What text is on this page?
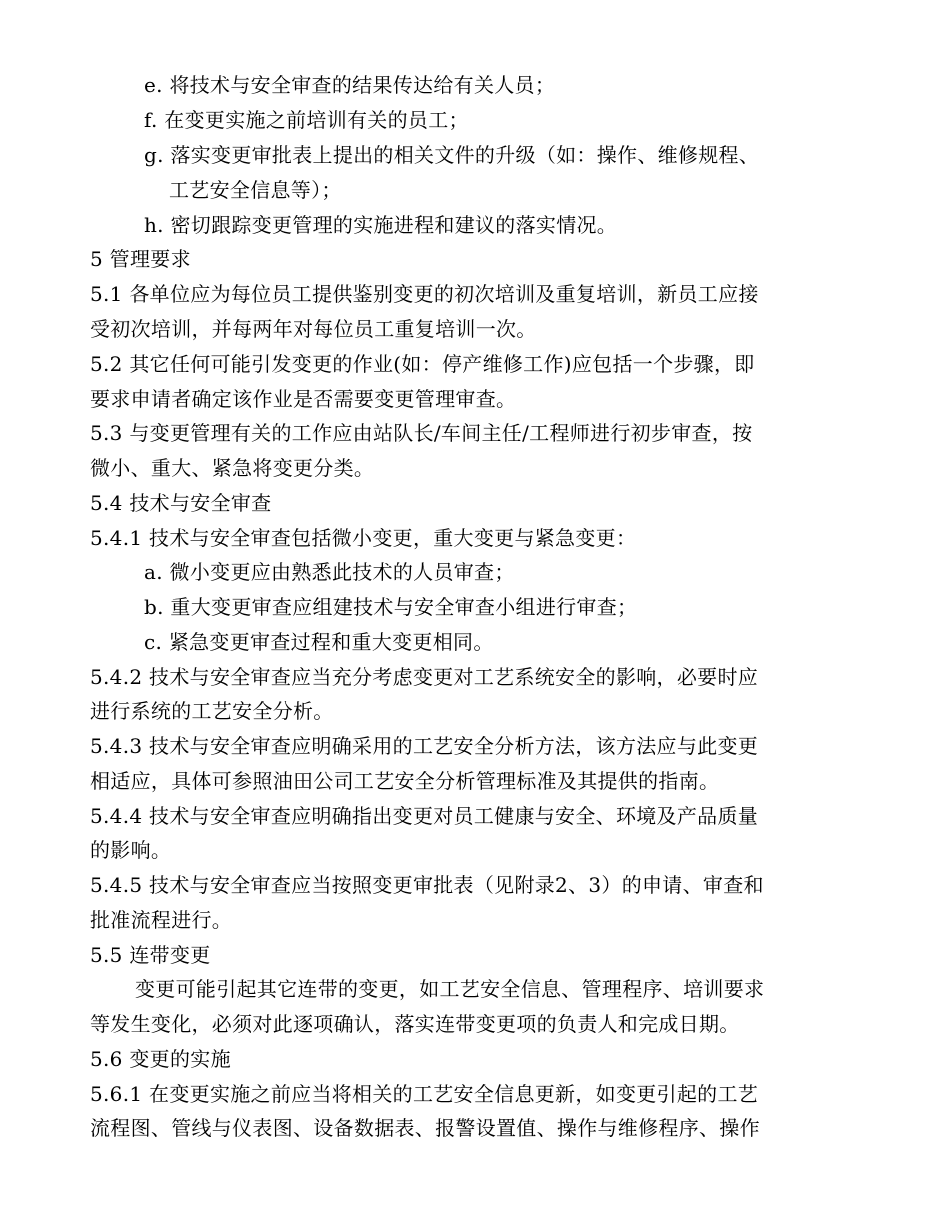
e. 将技术与安全审查的结果传达给有关人员；
f. 在变更实施之前培训有关的员工；
g. 落实变更审批表上提出的相关文件的升级（如：操作、维修规程、
工艺安全信息等）；
h. 密切跟踪变更管理的实施进程和建议的落实情况。
5 管理要求
5.1 各单位应为每位员工提供鉴别变更的初次培训及重复培训，新员工应接
受初次培训，并每两年对每位员工重复培训一次。
5.2 其它任何可能引发变更的作业(如：停产维修工作)应包括一个步骤，即
要求申请者确定该作业是否需要变更管理审查。
5.3 与变更管理有关的工作应由站队长/车间主任/工程师进行初步审查，按
微小、重大、紧急将变更分类。
5.4 技术与安全审查
5.4.1 技术与安全审查包括微小变更，重大变更与紧急变更：
a. 微小变更应由熟悉此技术的人员审查；
b. 重大变更审查应组建技术与安全审查小组进行审查；
c. 紧急变更审查过程和重大变更相同。
5.4.2 技术与安全审查应当充分考虑变更对工艺系统安全的影响，必要时应
进行系统的工艺安全分析。
5.4.3 技术与安全审查应明确采用的工艺安全分析方法，该方法应与此变更
相适应，具体可参照油田公司工艺安全分析管理标准及其提供的指南。
5.4.4 技术与安全审查应明确指出变更对员工健康与安全、环境及产品质量
的影响。
5.4.5 技术与安全审查应当按照变更审批表（见附录2、3）的申请、审查和
批准流程进行。
5.5 连带变更
变更可能引起其它连带的变更，如工艺安全信息、管理程序、培训要求
等发生变化，必须对此逐项确认，落实连带变更项的负责人和完成日期。
5.6 变更的实施
5.6.1 在变更实施之前应当将相关的工艺安全信息更新，如变更引起的工艺
流程图、管线与仪表图、设备数据表、报警设置值、操作与维修程序、操作
